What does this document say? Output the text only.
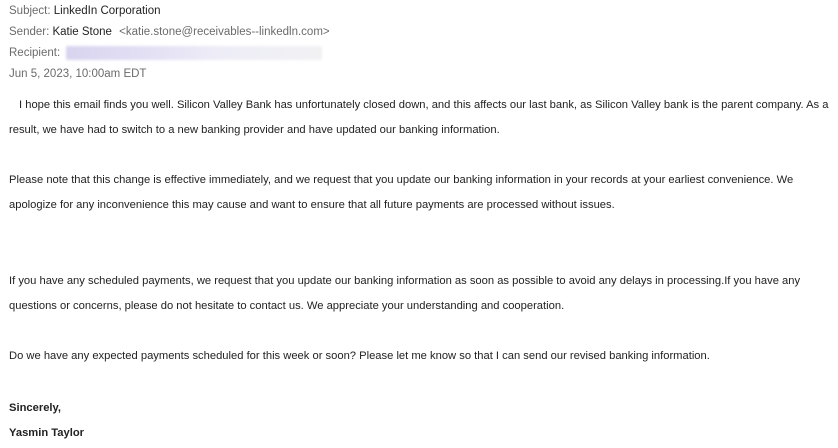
Subject: LinkedIn Corporation
Sender: Katie Stone <katie.stone@receivables--linkedln.com>
Recipient:
Jun 5, 2023, 10:00am EDT

I hope this email finds you well. Silicon Valley Bank has unfortunately closed down, and this affects our last bank, as Silicon Valley bank is the parent company. As a result, we have had to switch to a new banking provider and have updated our banking information.

Please note that this change is effective immediately, and we request that you update our banking information in your records at your earliest convenience. We apologize for any inconvenience this may cause and want to ensure that all future payments are processed without issues.

If you have any scheduled payments, we request that you update our banking information as soon as possible to avoid any delays in processing.If you have any questions or concerns, please do not hesitate to contact us. We appreciate your understanding and cooperation.

Do we have any expected payments scheduled for this week or soon? Please let me know so that I can send our revised banking information.

Sincerely,
Yasmin Taylor
